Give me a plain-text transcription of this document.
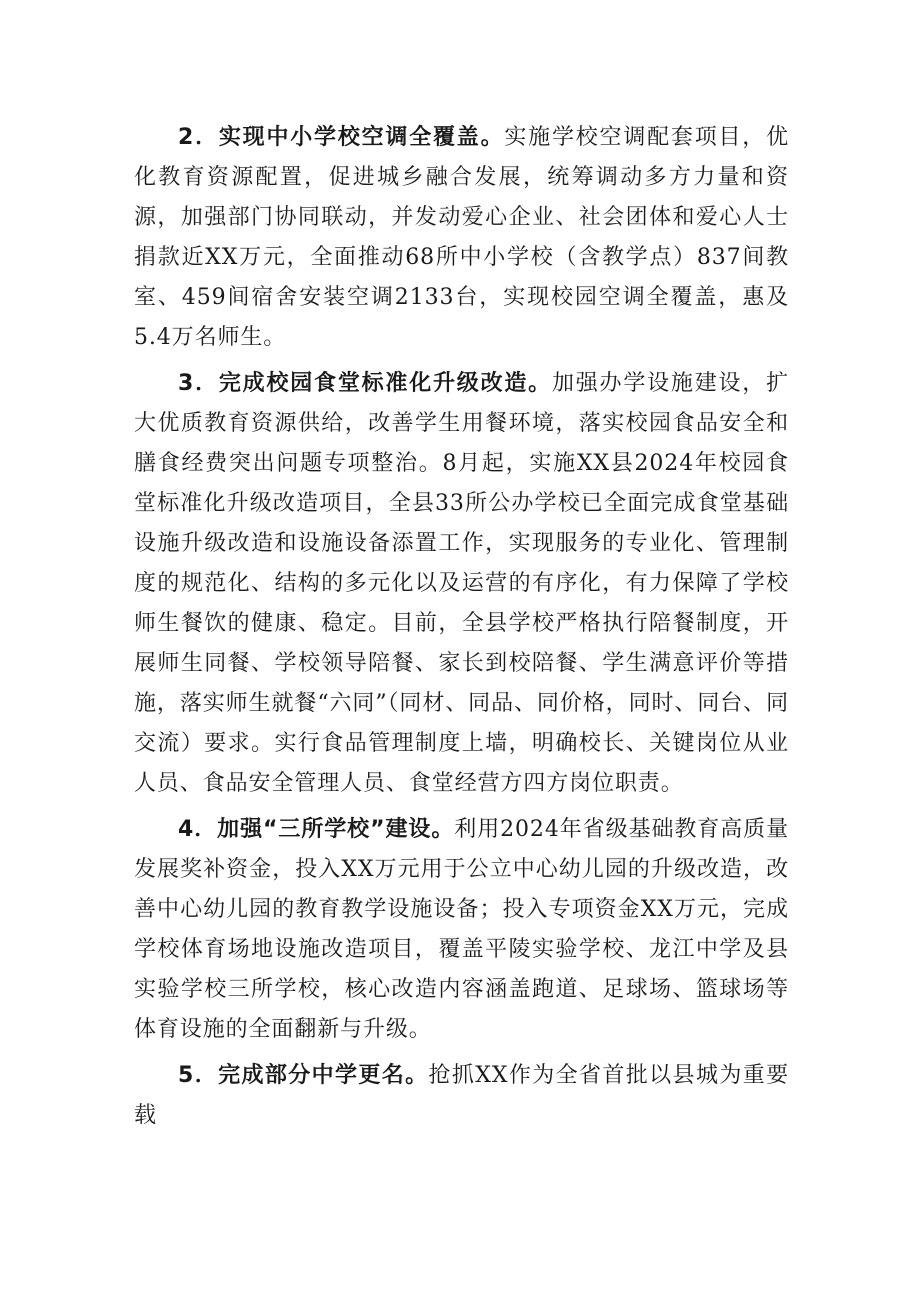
2．实现中小学校空调全覆盖。实施学校空调配套项目，优化教育资源配置，促进城乡融合发展，统筹调动多方力量和资源，加强部门协同联动，并发动爱心企业、社会团体和爱心人士捐款近XX万元，全面推动68所中小学校（含教学点）837间教室、459间宿舍安装空调2133台，实现校园空调全覆盖，惠及5.4万名师生。

3．完成校园食堂标准化升级改造。加强办学设施建设，扩大优质教育资源供给，改善学生用餐环境，落实校园食品安全和膳食经费突出问题专项整治。8月起，实施XX县2024年校园食堂标准化升级改造项目，全县33所公办学校已全面完成食堂基础设施升级改造和设施设备添置工作，实现服务的专业化、管理制度的规范化、结构的多元化以及运营的有序化，有力保障了学校师生餐饮的健康、稳定。目前，全县学校严格执行陪餐制度，开展师生同餐、学校领导陪餐、家长到校陪餐、学生满意评价等措施，落实师生就餐“六同”（同材、同品、同价格，同时、同台、同交流）要求。实行食品管理制度上墙，明确校长、关键岗位从业人员、食品安全管理人员、食堂经营方四方岗位职责。

4．加强“三所学校”建设。利用2024年省级基础教育高质量发展奖补资金，投入XX万元用于公立中心幼儿园的升级改造，改善中心幼儿园的教育教学设施设备；投入专项资金XX万元，完成学校体育场地设施改造项目，覆盖平陵实验学校、龙江中学及县实验学校三所学校，核心改造内容涵盖跑道、足球场、篮球场等体育设施的全面翻新与升级。

5．完成部分中学更名。抢抓XX作为全省首批以县城为重要载
